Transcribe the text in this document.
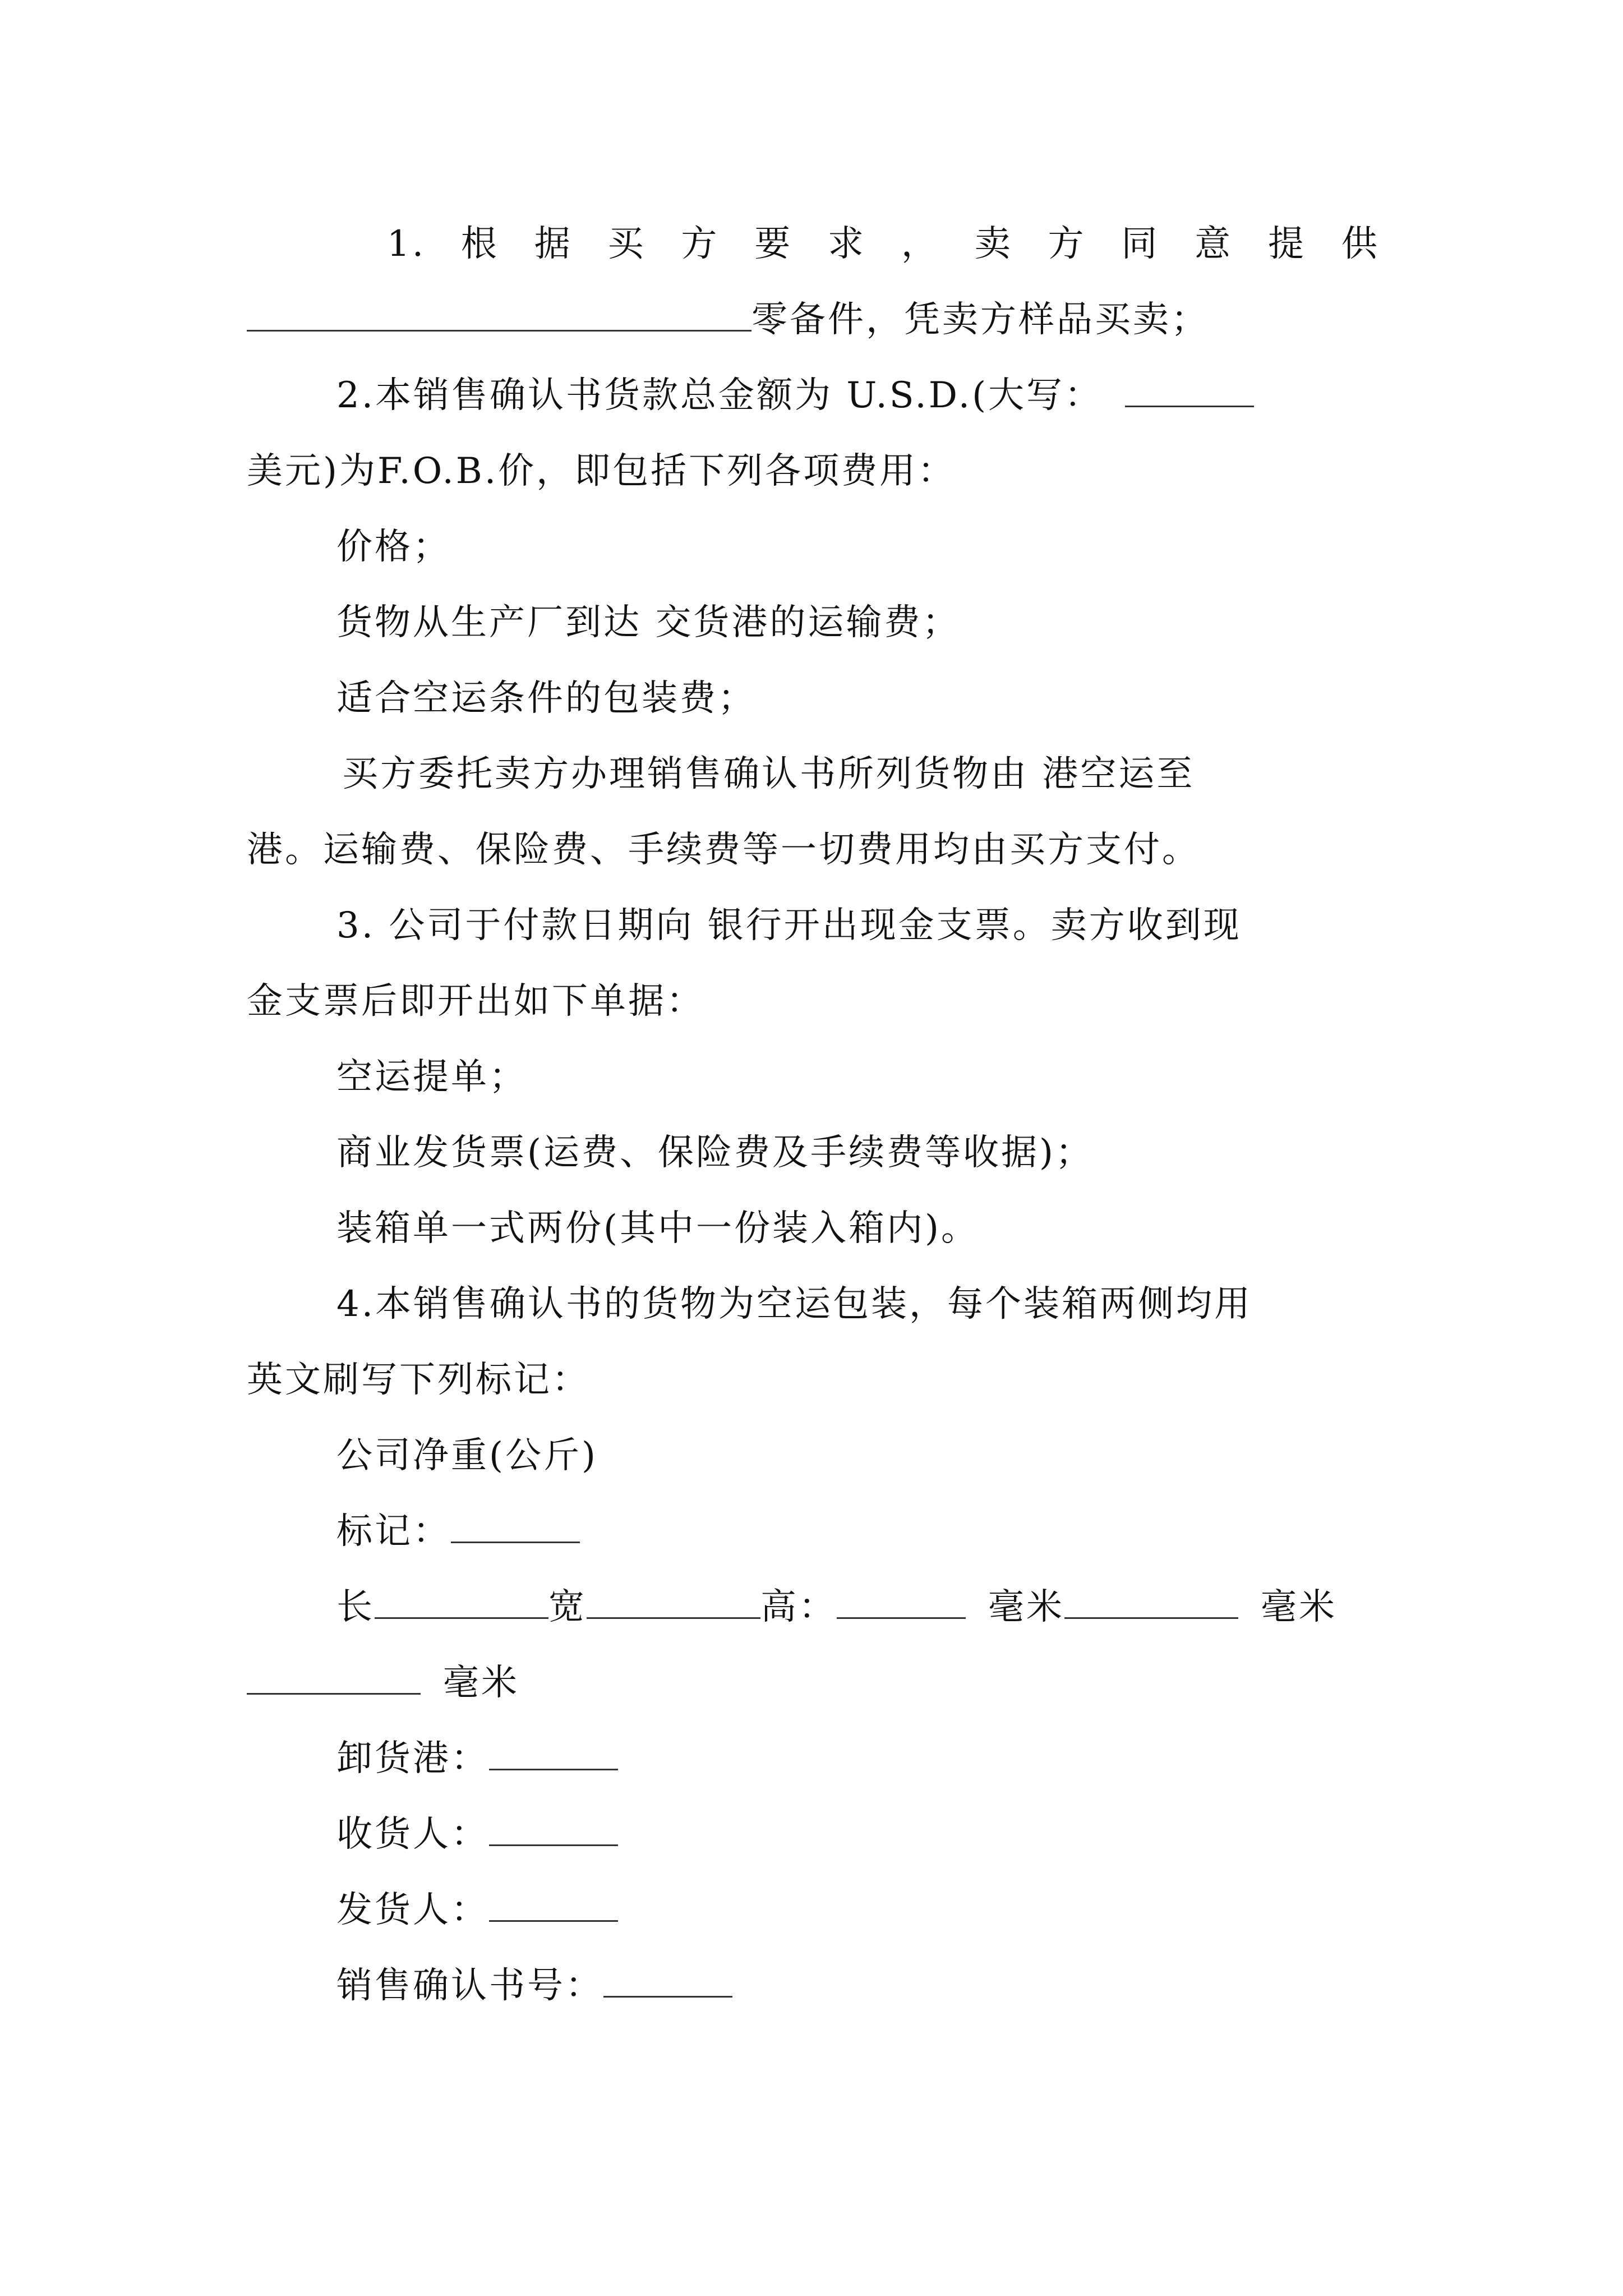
1. 根 据 买 方 要 求 ， 卖 方 同 意 提 供
零备件，凭卖方样品买卖；
2.本销售确认书货款总金额为 U.S.D.(大写：
美元)为F.O.B.价，即包括下列各项费用：
价格；
货物从生产厂到达 交货港的运输费；
适合空运条件的包装费；
买方委托卖方办理销售确认书所列货物由 港空运至
港。运输费、保险费、手续费等一切费用均由买方支付。
3. 公司于付款日期向 银行开出现金支票。卖方收到现
金支票后即开出如下单据：
空运提单；
商业发货票(运费、保险费及手续费等收据)；
装箱单一式两份(其中一份装入箱内)。
4.本销售确认书的货物为空运包装，每个装箱两侧均用
英文刷写下列标记：
公司净重(公斤)
标记：
长	宽	高：	毫米	毫米
毫米
卸货港：
收货人：
发货人：
销售确认书号：
